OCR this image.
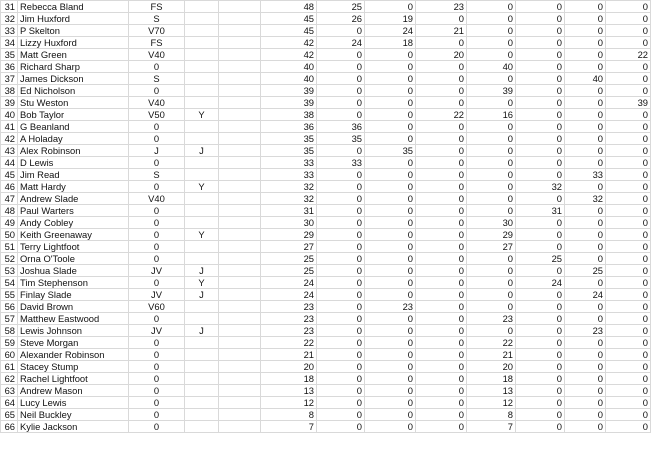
31	Rebecca Bland	FS			48	25	0	23	0	0	0	0
32	Jim Huxford	S			45	26	19	0	0	0	0	0
33	P Skelton	V70			45	0	24	21	0	0	0	0
34	Lizzy Huxford	FS			42	24	18	0	0	0	0	0
35	Matt Green	V40			42	0	0	20	0	0	0	22
36	Richard Sharp	0			40	0	0	0	40	0	0	0
37	James Dickson	S			40	0	0	0	0	0	40	0
38	Ed Nicholson	0			39	0	0	0	39	0	0	0
39	Stu Weston	V40			39	0	0	0	0	0	0	39
40	Bob Taylor	V50	Y		38	0	0	22	16	0	0	0
41	G Beanland	0			36	36	0	0	0	0	0	0
42	A Holaday	0			35	35	0	0	0	0	0	0
43	Alex Robinson	J	J		35	0	35	0	0	0	0	0
44	D Lewis	0			33	33	0	0	0	0	0	0
45	Jim Read	S			33	0	0	0	0	0	33	0
46	Matt Hardy	0	Y		32	0	0	0	0	32	0	0
47	Andrew Slade	V40			32	0	0	0	0	0	32	0
48	Paul Warters	0			31	0	0	0	0	31	0	0
49	Andy Cobley	0			30	0	0	0	30	0	0	0
50	Keith Greenaway	0	Y		29	0	0	0	29	0	0	0
51	Terry Lightfoot	0			27	0	0	0	27	0	0	0
52	Orna O'Toole	0			25	0	0	0	0	25	0	0
53	Joshua Slade	JV	J		25	0	0	0	0	0	25	0
54	Tim Stephenson	0	Y		24	0	0	0	0	24	0	0
55	Finlay Slade	JV	J		24	0	0	0	0	0	24	0
56	David Brown	V60			23	0	23	0	0	0	0	0
57	Matthew Eastwood	0			23	0	0	0	23	0	0	0
58	Lewis Johnson	JV	J		23	0	0	0	0	0	23	0
59	Steve Morgan	0			22	0	0	0	22	0	0	0
60	Alexander Robinson	0			21	0	0	0	21	0	0	0
61	Stacey Stump	0			20	0	0	0	20	0	0	0
62	Rachel Lightfoot	0			18	0	0	0	18	0	0	0
63	Andrew Mason	0			13	0	0	0	13	0	0	0
64	Lucy Lewis	0			12	0	0	0	12	0	0	0
65	Neil Buckley	0			8	0	0	0	8	0	0	0
66	Kylie Jackson	0			7	0	0	0	7	0	0	0
